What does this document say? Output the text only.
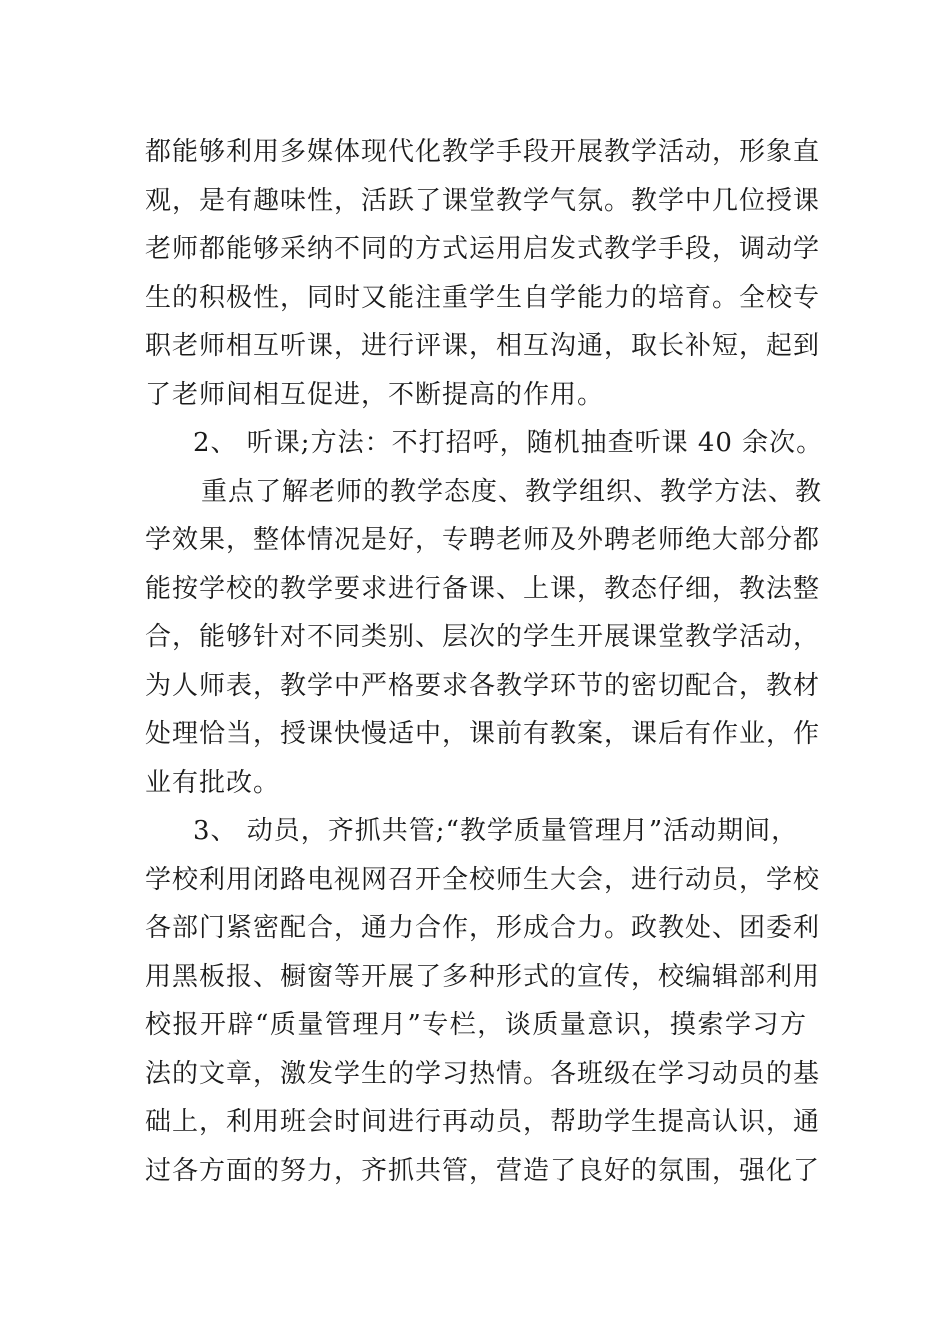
都能够利用多媒体现代化教学手段开展教学活动，形象直
观，是有趣味性，活跃了课堂教学气氛。教学中几位授课
老师都能够采纳不同的方式运用启发式教学手段，调动学
生的积极性，同时又能注重学生自学能力的培育。全校专
职老师相互听课，进行评课，相互沟通，取长补短，起到
了老师间相互促进，不断提高的作用。
2、 听课;方法：不打招呼，随机抽查听课 40 余次。
重点了解老师的教学态度、教学组织、教学方法、教
学效果，整体情况是好，专聘老师及外聘老师绝大部分都
能按学校的教学要求进行备课、上课，教态仔细，教法整
合，能够针对不同类别、层次的学生开展课堂教学活动，
为人师表，教学中严格要求各教学环节的密切配合，教材
处理恰当，授课快慢适中，课前有教案，课后有作业，作
业有批改。
3、 动员，齐抓共管;“教学质量管理月”活动期间，
学校利用闭路电视网召开全校师生大会，进行动员，学校
各部门紧密配合，通力合作，形成合力。政教处、团委利
用黑板报、橱窗等开展了多种形式的宣传，校编辑部利用
校报开辟“质量管理月”专栏，谈质量意识，摸索学习方
法的文章，激发学生的学习热情。各班级在学习动员的基
础上，利用班会时间进行再动员，帮助学生提高认识，通
过各方面的努力，齐抓共管，营造了良好的氛围，强化了
